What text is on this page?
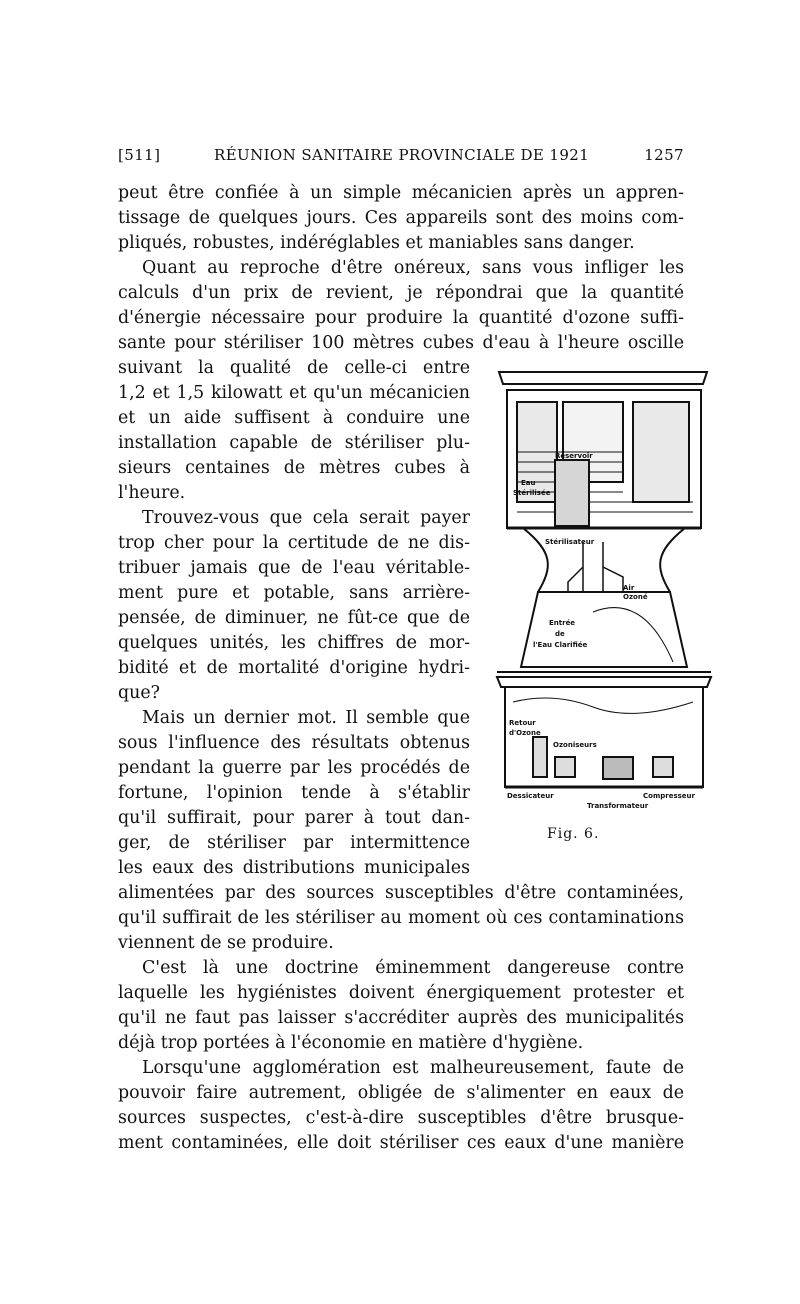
[511]	RÉUNION SANITAIRE PROVINCIALE DE 1921	1257
peut être confiée à un simple mécanicien après un appren-
tissage de quelques jours. Ces appareils sont des moins com-
pliqués, robustes, indéréglables et maniables sans danger.
Quant au reproche d'être onéreux, sans vous infliger les
calculs d'un prix de revient, je répondrai que la quantité
d'énergie nécessaire pour produire la quantité d'ozone suffi-
sante pour stériliser 100 mètres cubes d'eau à l'heure oscille
suivant la qualité de celle-ci entre
1,2 et 1,5 kilowatt et qu'un mécanicien
et un aide suffisent à conduire une
installation capable de stériliser plu-
sieurs centaines de mètres cubes à
l'heure.
Trouvez-vous que cela serait payer
trop cher pour la certitude de ne dis-
tribuer jamais que de l'eau véritable-
ment pure et potable, sans arrière-
pensée, de diminuer, ne fût-ce que de
quelques unités, les chiffres de mor-
bidité et de mortalité d'origine hydri-
que?
Mais un dernier mot. Il semble que
sous l'influence des résultats obtenus
pendant la guerre par les procédés de
fortune, l'opinion tende à s'établir
qu'il suffirait, pour parer à tout dan-
ger, de stériliser par intermittence
les eaux des distributions municipales
alimentées par des sources susceptibles d'être contaminées,
qu'il suffirait de les stériliser au moment où ces contaminations
viennent de se produire.
C'est là une doctrine éminemment dangereuse contre
laquelle les hygiénistes doivent énergiquement protester et
qu'il ne faut pas laisser s'accréditer auprès des municipalités
déjà trop portées à l'économie en matière d'hygiène.
Lorsqu'une agglomération est malheureusement, faute de
pouvoir faire autrement, obligée de s'alimenter en eaux de
sources suspectes, c'est-à-dire susceptibles d'être brusque-
ment contaminées, elle doit stériliser ces eaux d'une manière
Réservoir
Eau
Stérilisée
Stérilisateur
Air
Ozoné
Entrée
de
l'Eau Clarifiée
Retour
d'Ozone
Ozoniseurs
Dessicateur	Compresseur
Transformateur
Fig. 6.
